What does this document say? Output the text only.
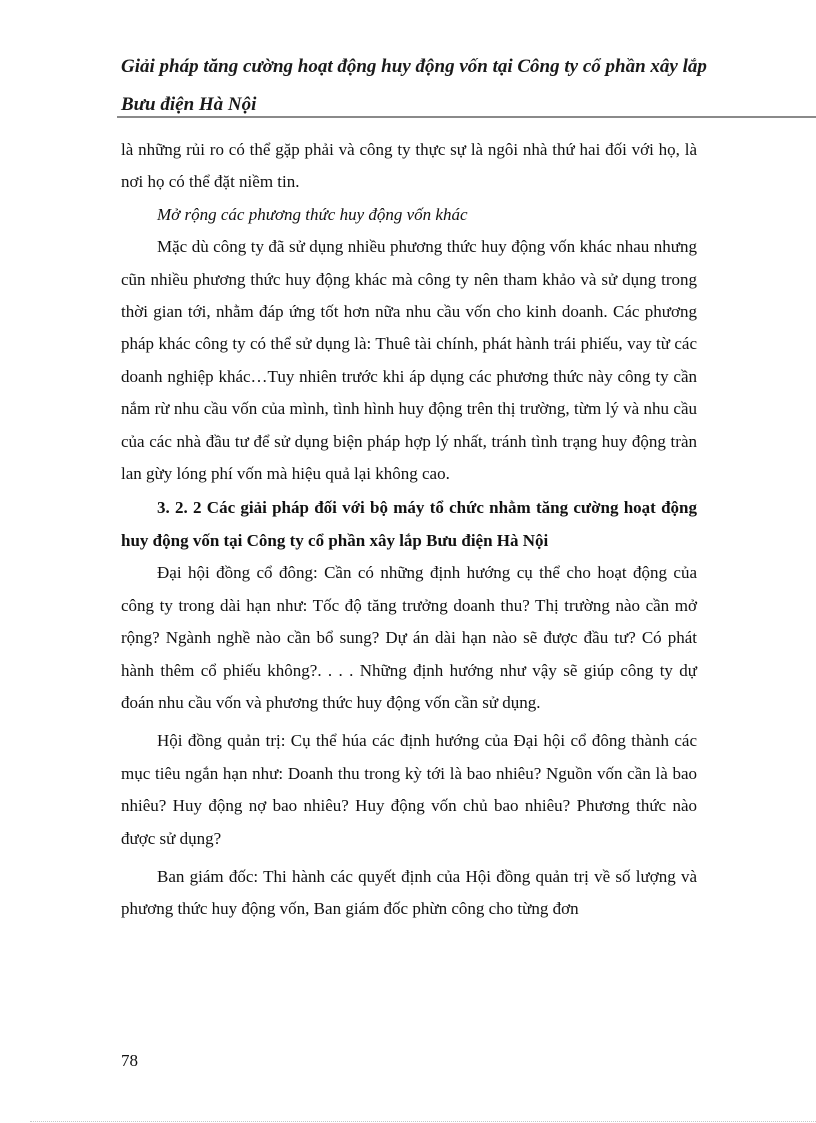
Giải pháp tăng cường hoạt động huy động vốn tại Công ty cổ phần xây lắp
Bưu điện Hà Nội

là những rủi ro có thể gặp phải và công ty thực sự là ngôi nhà thứ hai đối với họ, là nơi họ có thể đặt niềm tin.

Mở rộng các phương thức huy động vốn khác

Mặc dù công ty đã sử dụng nhiều phương thức huy động vốn khác nhau nhưng cũn nhiều phương thức huy động khác mà công ty nên tham khảo và sử dụng trong thời gian tới, nhằm đáp ứng tốt hơn nữa nhu cầu vốn cho kinh doanh. Các phương pháp khác công ty có thể sử dụng là: Thuê tài chính, phát hành trái phiếu, vay từ các doanh nghiệp khác…Tuy nhiên trước khi áp dụng các phương thức này công ty cần nắm rừ nhu cầu vốn của mình, tình hình huy động trên thị trường, từm lý và nhu cầu của các nhà đầu tư để sử dụng biện pháp hợp lý nhất, tránh tình trạng huy động tràn lan gừy lóng phí vốn mà hiệu quả lại không cao.

3. 2. 2 Các giải pháp đối với bộ máy tổ chức nhằm tăng cường hoạt động huy động vốn tại Công ty cổ phần xây lắp Bưu điện Hà Nội

Đại hội đồng cổ đông: Cần có những định hướng cụ thể cho hoạt động của công ty trong dài hạn như: Tốc độ tăng trưởng doanh thu? Thị trường nào cần mở rộng? Ngành nghề nào cần bổ sung? Dự án dài hạn nào sẽ được đầu tư? Có phát hành thêm cổ phiếu không?. . . . Những định hướng như vậy sẽ giúp công ty dự đoán nhu cầu vốn và phương thức huy động vốn cần sử dụng.

Hội đồng quản trị: Cụ thể húa các định hướng của Đại hội cổ đông thành các mục tiêu ngắn hạn như: Doanh thu trong kỳ tới là bao nhiêu? Nguồn vốn cần là bao nhiêu? Huy động nợ bao nhiêu? Huy động vốn chủ bao nhiêu? Phương thức nào được sử dụng?

Ban giám đốc: Thi hành các quyết định của Hội đồng quản trị về số lượng và phương thức huy động vốn, Ban giám đốc phừn công cho từng đơn

78
